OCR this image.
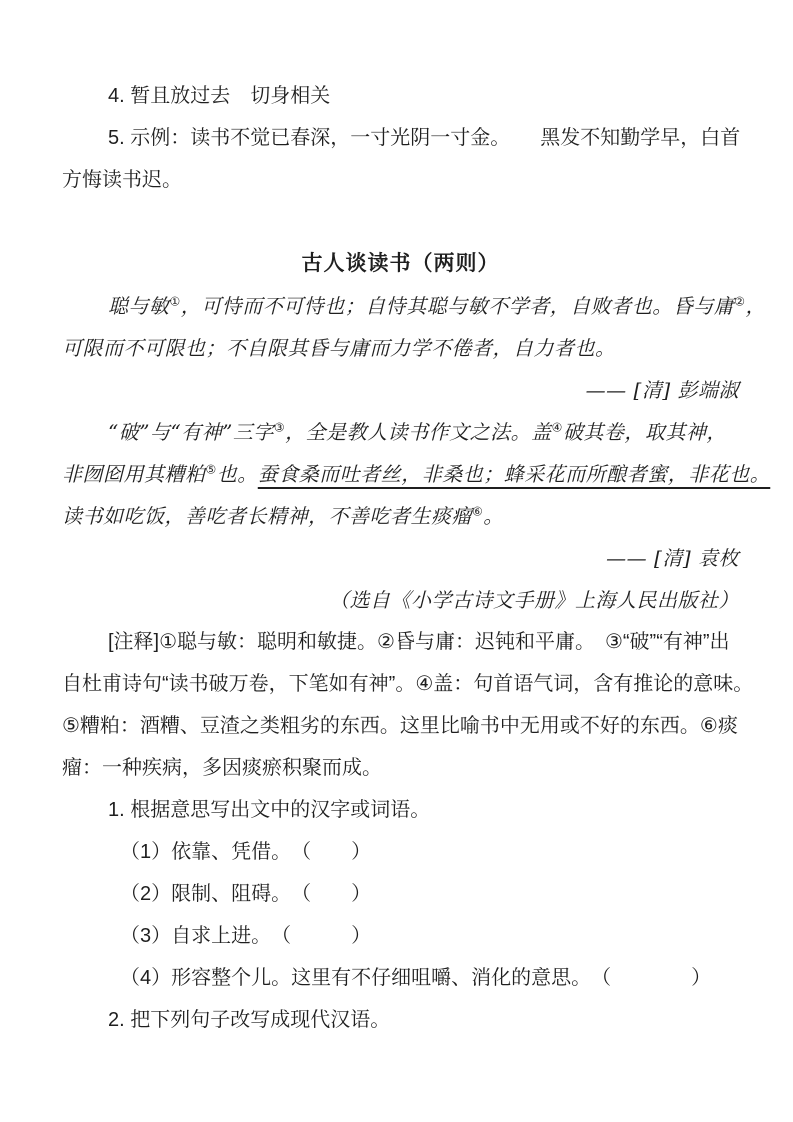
4. 暂且放过去　切身相关
5. 示例：读书不觉已春深，一寸光阴一寸金。　　黑发不知勤学早，白首
方悔读书迟。
古人谈读书（两则）
聪与敏①，可恃而不可恃也；自恃其聪与敏不学者，自败者也。昏与庸②，
可限而不可限也；不自限其昏与庸而力学不倦者，自力者也。
—— [清] 彭端淑
“破”与“有神”三字③，全是教人读书作文之法。盖④破其卷，取其神，
非囫囵用其糟粕⑤也。蚕食桑而吐者丝，非桑也；蜂采花而所酿者蜜，非花也。
读书如吃饭，善吃者长精神，不善吃者生痰瘤⑥。
—— [清] 袁枚
（选自《小学古诗文手册》上海人民出版社）
[注释]①聪与敏：聪明和敏捷。②昏与庸：迟钝和平庸。　③“破”“有神”出
自杜甫诗句“读书破万卷，下笔如有神”。④盖：句首语气词，含有推论的意味。
⑤糟粕：酒糟、豆渣之类粗劣的东西。这里比喻书中无用或不好的东西。⑥痰
瘤：一种疾病，多因痰瘀积聚而成。
1. 根据意思写出文中的汉字或词语。
（1）依靠、凭借。　（　　）
（2）限制、阻碍。　（　　）
（3）自求上进。　（　　　）
（4）形容整个儿。这里有不仔细咀嚼、消化的意思。　（　　　　）
2. 把下列句子改写成现代汉语。
